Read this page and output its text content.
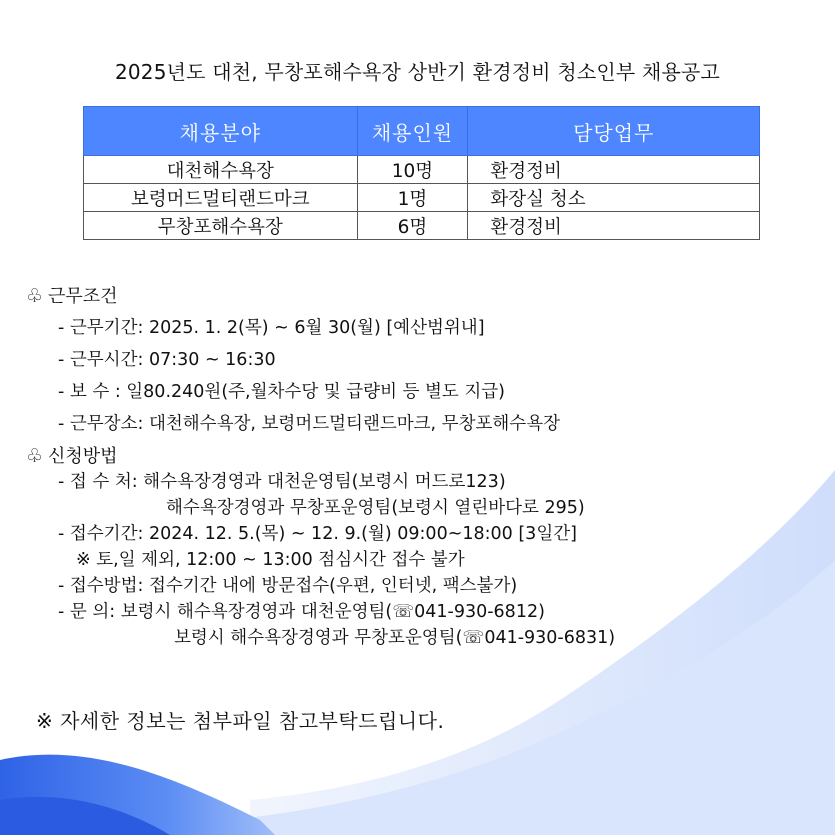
2025년도 대천, 무창포해수욕장 상반기 환경정비 청소인부 채용공고
채용분야	채용인원	담당업무
대천해수욕장	10명	환경정비
보령머드멀티랜드마크	1명	화장실 청소
무창포해수욕장	6명	환경정비
♧ 근무조건
- 근무기간: 2025. 1. 2(목) ~ 6월 30(월) [예산범위내]
- 근무시간: 07:30 ~ 16:30
- 보 수 : 일80.240원(주,월차수당 및 급량비 등 별도 지급)
- 근무장소: 대천해수욕장, 보령머드멀티랜드마크, 무창포해수욕장
♧ 신청방법
- 접 수 처: 해수욕장경영과 대천운영팀(보령시 머드로123)
해수욕장경영과 무창포운영팀(보령시 열린바다로 295)
- 접수기간: 2024. 12. 5.(목) ~ 12. 9.(월) 09:00~18:00 [3일간]
※ 토,일 제외, 12:00 ~ 13:00 점심시간 접수 불가
- 접수방법: 접수기간 내에 방문접수(우편, 인터넷, 팩스불가)
- 문 의: 보령시 해수욕장경영과 대천운영팀(☏041-930-6812)
보령시 해수욕장경영과 무창포운영팀(☏041-930-6831)
※ 자세한 정보는 첨부파일 참고부탁드립니다.
